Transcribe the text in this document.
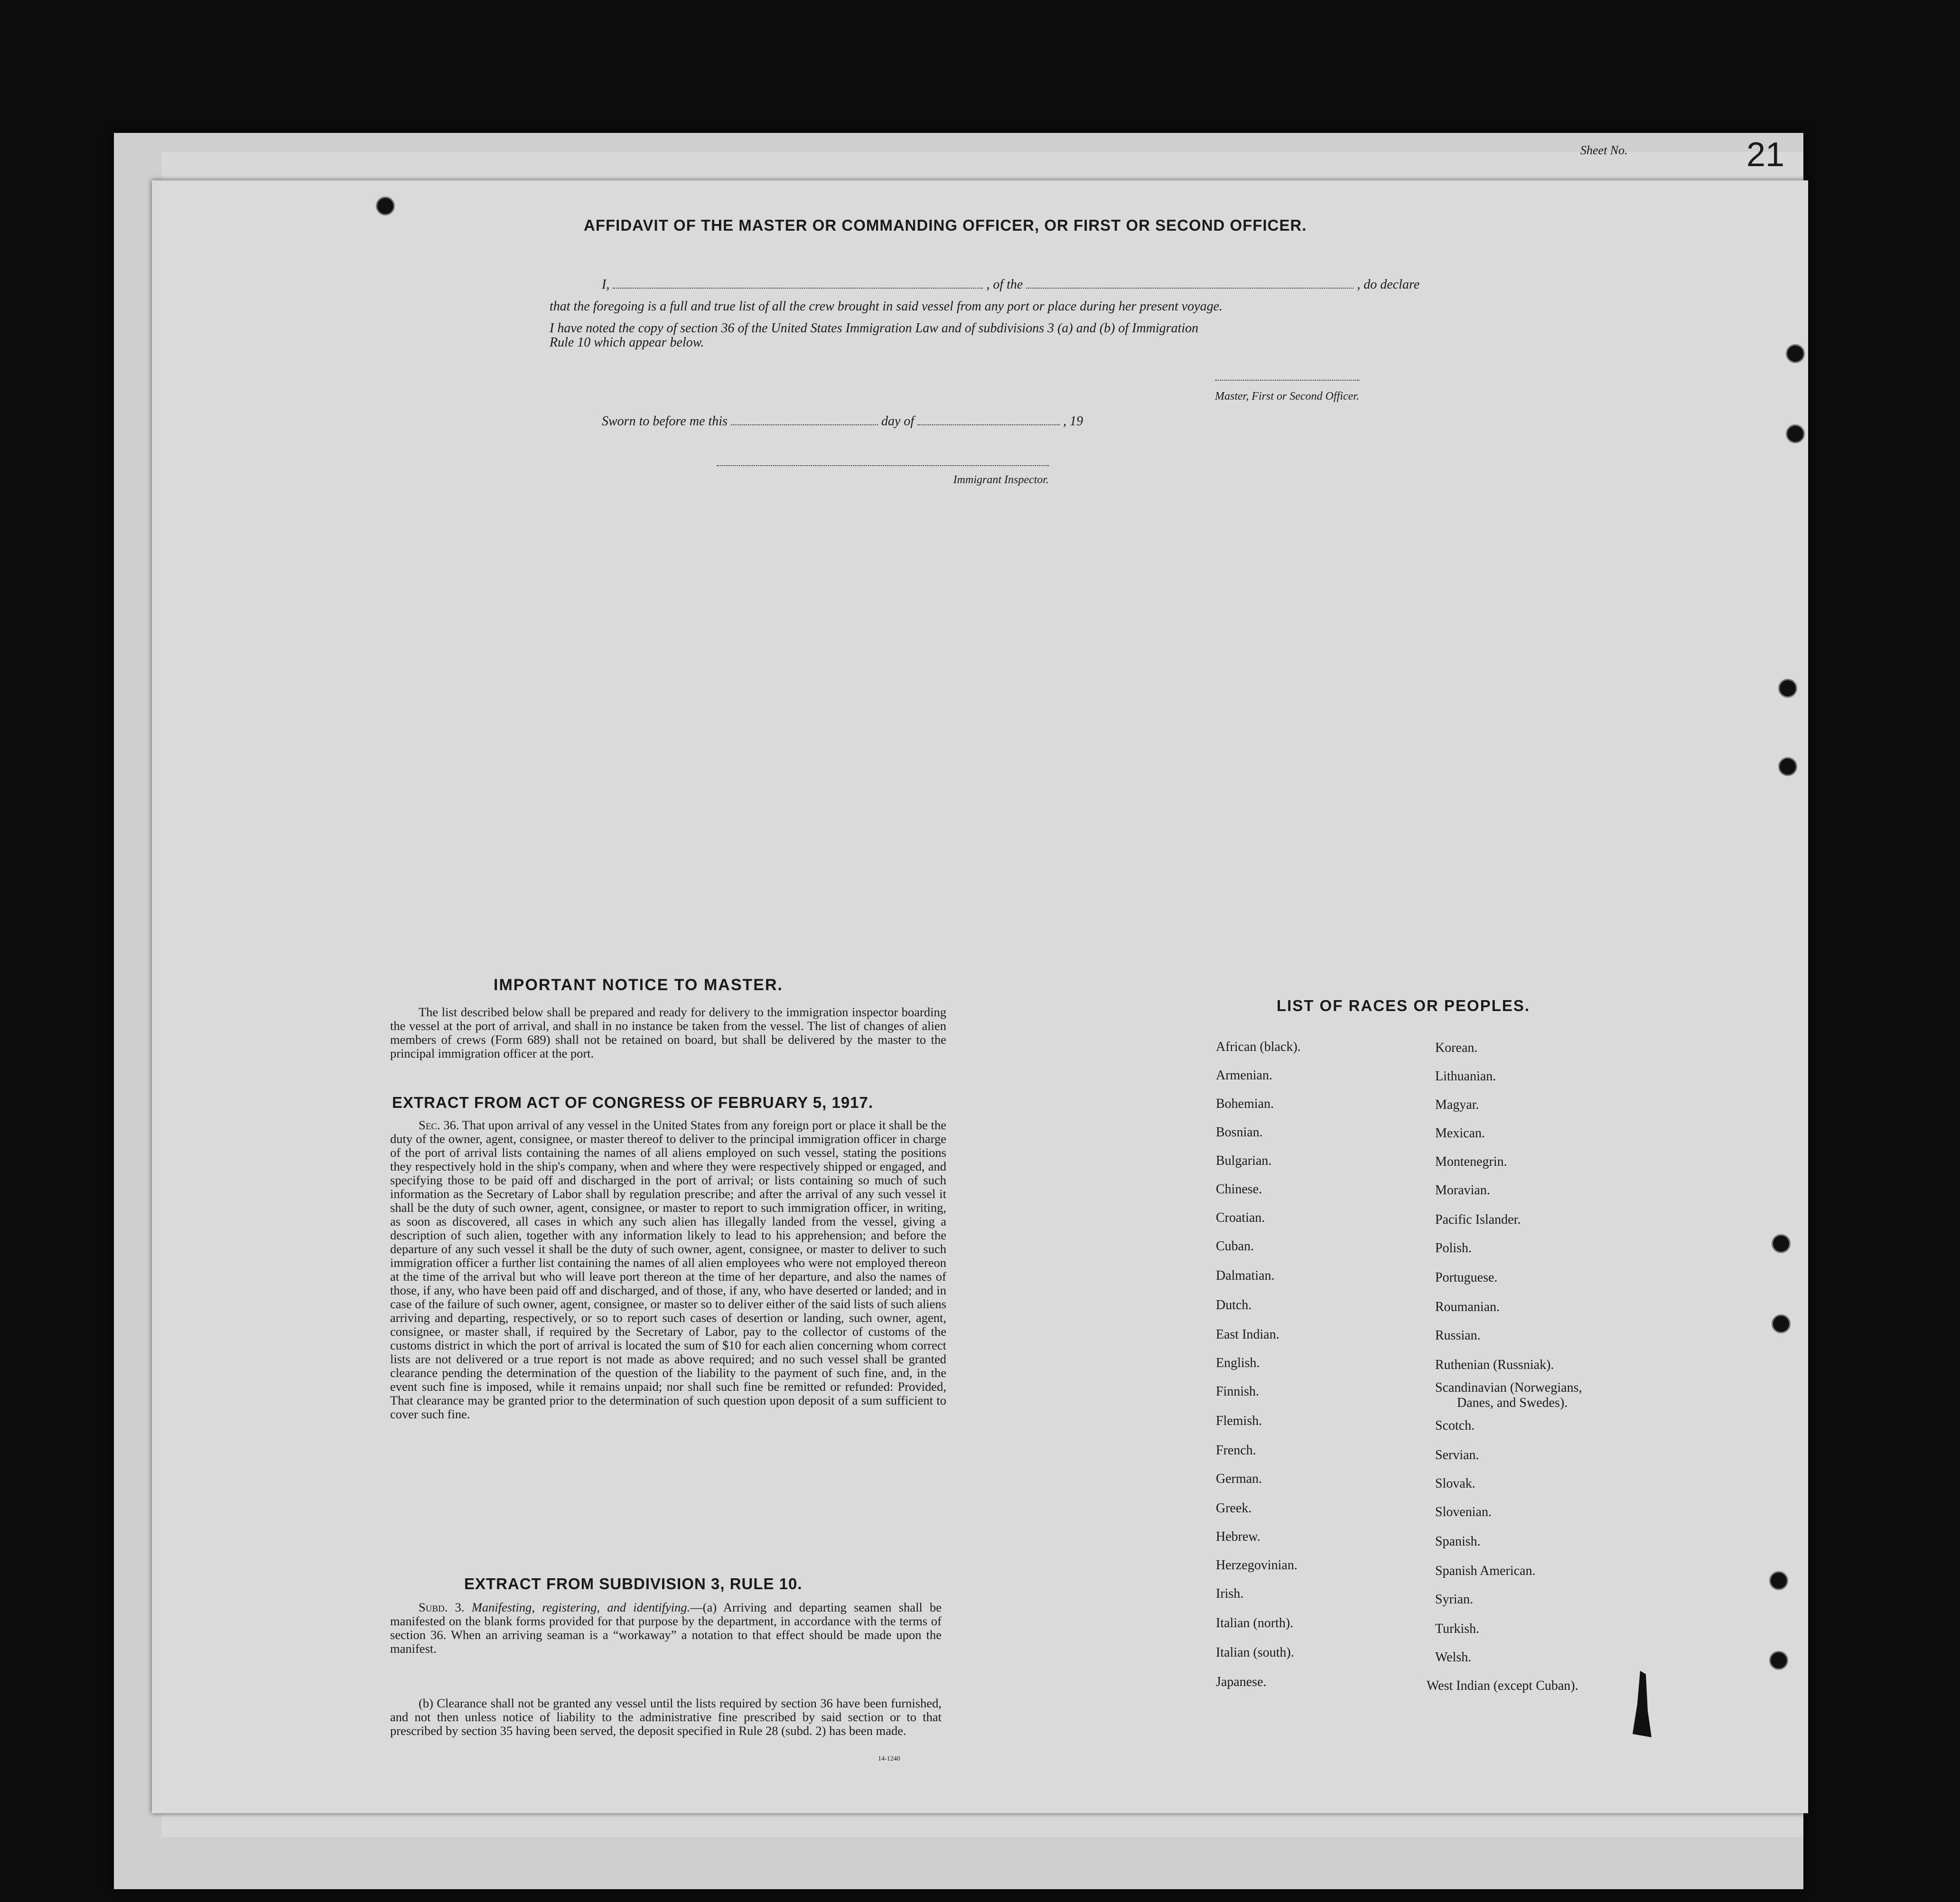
Sheet No.	21
AFFIDAVIT OF THE MASTER OR COMMANDING OFFICER, OR FIRST OR SECOND OFFICER.
I,	, of the	, do declare
that the foregoing is a full and true list of all the crew brought in said vessel from any port or place during her present voyage.
I have noted the copy of section 36 of the United States Immigration Law and of subdivisions 3 (a) and (b) of Immigration
Rule 10 which appear below.
Master, First or Second Officer.
Sworn to before me this	day of	, 19
Immigrant Inspector.
IMPORTANT NOTICE TO MASTER.
The list described below shall be prepared and ready for delivery to the immigration inspector boarding the vessel at the port of arrival, and shall in no instance be taken from the vessel. The list of changes of alien members of crews (Form 689) shall not be retained on board, but shall be delivered by the master to the principal immigration officer at the port.
EXTRACT FROM ACT OF CONGRESS OF FEBRUARY 5, 1917.
Sec. 36. That upon arrival of any vessel in the United States from any foreign port or place it shall be the duty of the owner, agent, consignee, or master thereof to deliver to the principal immigration officer in charge of the port of arrival lists containing the names of all aliens employed on such vessel, stating the positions they respectively hold in the ship's company, when and where they were respectively shipped or engaged, and specifying those to be paid off and discharged in the port of arrival; or lists containing so much of such information as the Secretary of Labor shall by regulation prescribe; and after the arrival of any such vessel it shall be the duty of such owner, agent, consignee, or master to report to such immigration officer, in writing, as soon as discovered, all cases in which any such alien has illegally landed from the vessel, giving a description of such alien, together with any information likely to lead to his apprehension; and before the departure of any such vessel it shall be the duty of such owner, agent, consignee, or master to deliver to such immigration officer a further list containing the names of all alien employees who were not employed thereon at the time of the arrival but who will leave port thereon at the time of her departure, and also the names of those, if any, who have been paid off and discharged, and of those, if any, who have deserted or landed; and in case of the failure of such owner, agent, consignee, or master so to deliver either of the said lists of such aliens arriving and departing, respectively, or so to report such cases of desertion or landing, such owner, agent, consignee, or master shall, if required by the Secretary of Labor, pay to the collector of customs of the customs district in which the port of arrival is located the sum of $10 for each alien concerning whom correct lists are not delivered or a true report is not made as above required; and no such vessel shall be granted clearance pending the determination of the question of the liability to the payment of such fine, and, in the event such fine is imposed, while it remains unpaid; nor shall such fine be remitted or refunded: Provided, That clearance may be granted prior to the determination of such question upon deposit of a sum sufficient to cover such fine.
EXTRACT FROM SUBDIVISION 3, RULE 10.
Subd. 3. Manifesting, registering, and identifying.—(a) Arriving and departing seamen shall be manifested on the blank forms provided for that purpose by the department, in accordance with the terms of section 36. When an arriving seaman is a “workaway” a notation to that effect should be made upon the manifest.
(b) Clearance shall not be granted any vessel until the lists required by section 36 have been furnished, and not then unless notice of liability to the administrative fine prescribed by said section or to that prescribed by section 35 having been served, the deposit specified in Rule 28 (subd. 2) has been made.
14-1240
LIST OF RACES OR PEOPLES.
African (black).
Armenian.
Bohemian.
Bosnian.
Bulgarian.
Chinese.
Croatian.
Cuban.
Dalmatian.
Dutch.
East Indian.
English.
Finnish.
Flemish.
French.
German.
Greek.
Hebrew.
Herzegovinian.
Irish.
Italian (north).
Italian (south).
Japanese.
Korean.
Lithuanian.
Magyar.
Mexican.
Montenegrin.
Moravian.
Pacific Islander.
Polish.
Portuguese.
Roumanian.
Russian.
Ruthenian (Russniak).
Scandinavian (Norwegians,
Danes, and Swedes).
Scotch.
Servian.
Slovak.
Slovenian.
Spanish.
Spanish American.
Syrian.
Turkish.
Welsh.
West Indian (except Cuban).
